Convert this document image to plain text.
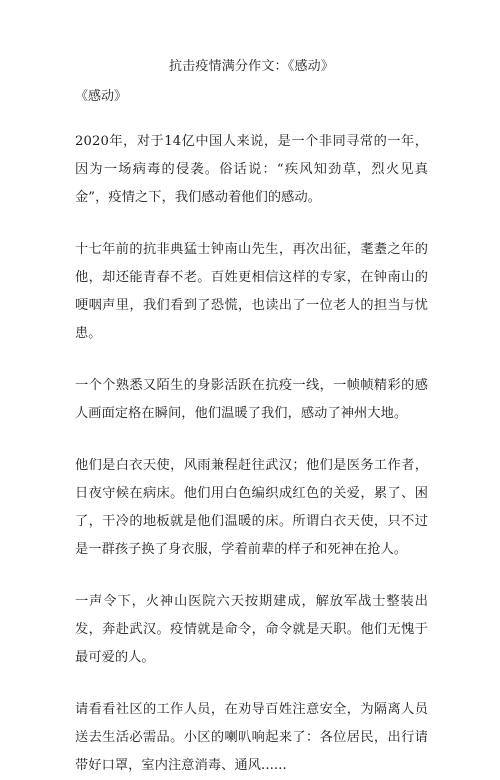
抗击疫情满分作文：《感动》
《感动》

2020年，对于14亿中国人来说，是一个非同寻常的一年，因为一场病毒的侵袭。俗话说：“疾风知劲草，烈火见真金”，疫情之下，我们感动着他们的感动。

十七年前的抗非典猛士钟南山先生，再次出征，耄耋之年的他，却还能青春不老。百姓更相信这样的专家，在钟南山的哽咽声里，我们看到了恐慌，也读出了一位老人的担当与忧患。

一个个熟悉又陌生的身影活跃在抗疫一线，一帧帧精彩的感人画面定格在瞬间，他们温暖了我们，感动了神州大地。

他们是白衣天使，风雨兼程赶往武汉；他们是医务工作者，日夜守候在病床。他们用白色编织成红色的关爱，累了、困了，干冷的地板就是他们温暖的床。所谓白衣天使，只不过是一群孩子换了身衣服，学着前辈的样子和死神在抢人。

一声令下，火神山医院六天按期建成，解放军战士整装出发，奔赴武汉。疫情就是命令，命令就是天职。他们无愧于最可爱的人。

请看看社区的工作人员，在劝导百姓注意安全，为隔离人员送去生活必需品。小区的喇叭响起来了：各位居民，出行请带好口罩，室内注意消毒、通风......
